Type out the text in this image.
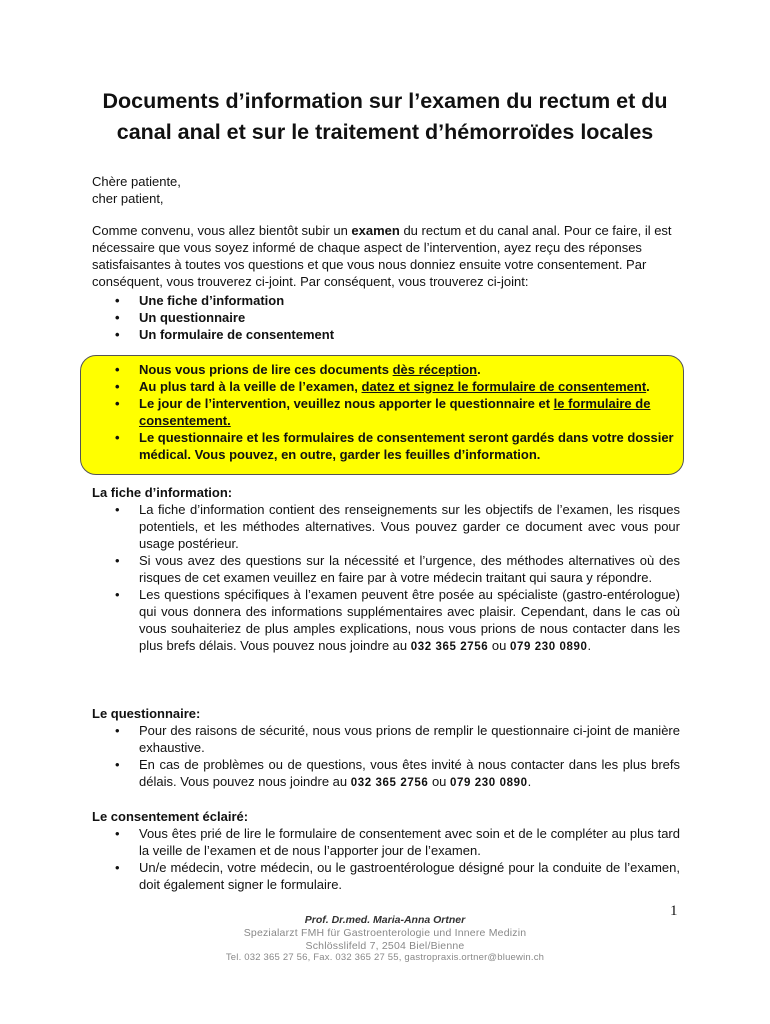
Documents d’information sur l’examen du rectum et du canal anal et sur le traitement d’hémorroïdes locales
Chère patiente,
cher patient,
Comme convenu, vous allez bientôt subir un examen du rectum et du canal anal. Pour ce faire, il est nécessaire que vous soyez informé de chaque aspect de l’intervention, ayez reçu des réponses satisfaisantes à toutes vos questions et que vous nous donniez ensuite votre consentement. Par conséquent, vous trouverez ci-joint. Par conséquent, vous trouverez ci-joint:
• Une fiche d’information
• Un questionnaire
• Un formulaire de consentement
• Nous vous prions de lire ces documents dès réception.
• Au plus tard à la veille de l’examen, datez et signez le formulaire de consentement.
• Le jour de l’intervention, veuillez nous apporter le questionnaire et le formulaire de consentement.
• Le questionnaire et les formulaires de consentement seront gardés dans votre dossier médical. Vous pouvez, en outre, garder les feuilles d’information.
La fiche d’information:
• La fiche d’information contient des renseignements sur les objectifs de l’examen, les risques potentiels, et les méthodes alternatives. Vous pouvez garder ce document avec vous pour usage postérieur.
• Si vous avez des questions sur la nécessité et l’urgence, des méthodes alternatives où des risques de cet examen veuillez en faire par à votre médecin traitant qui saura y répondre.
• Les questions spécifiques à l’examen peuvent être posée au spécialiste (gastro-entérologue) qui vous donnera des informations supplémentaires avec plaisir. Cependant, dans le cas où vous souhaiteriez de plus amples explications, nous vous prions de nous contacter dans les plus brefs délais. Vous pouvez nous joindre au 032 365 2756 ou 079 230 0890.
Le questionnaire:
• Pour des raisons de sécurité, nous vous prions de remplir le questionnaire ci-joint de manière exhaustive.
• En cas de problèmes ou de questions, vous êtes invité à nous contacter dans les plus brefs délais. Vous pouvez nous joindre au 032 365 2756 ou 079 230 0890.
Le consentement éclairé:
• Vous êtes prié de lire le formulaire de consentement avec soin et de le compléter au plus tard la veille de l’examen et de nous l’apporter jour de l’examen.
• Un/e médecin, votre médecin, ou le gastroentérologue désigné pour la conduite de l’examen, doit également signer le formulaire.
1
Prof. Dr.med. Maria-Anna Ortner
Spezialarzt FMH für Gastroenterologie und Innere Medizin
Schlösslifeld 7, 2504 Biel/Bienne
Tel. 032 365 27 56, Fax. 032 365 27 55, gastropraxis.ortner@bluewin.ch
